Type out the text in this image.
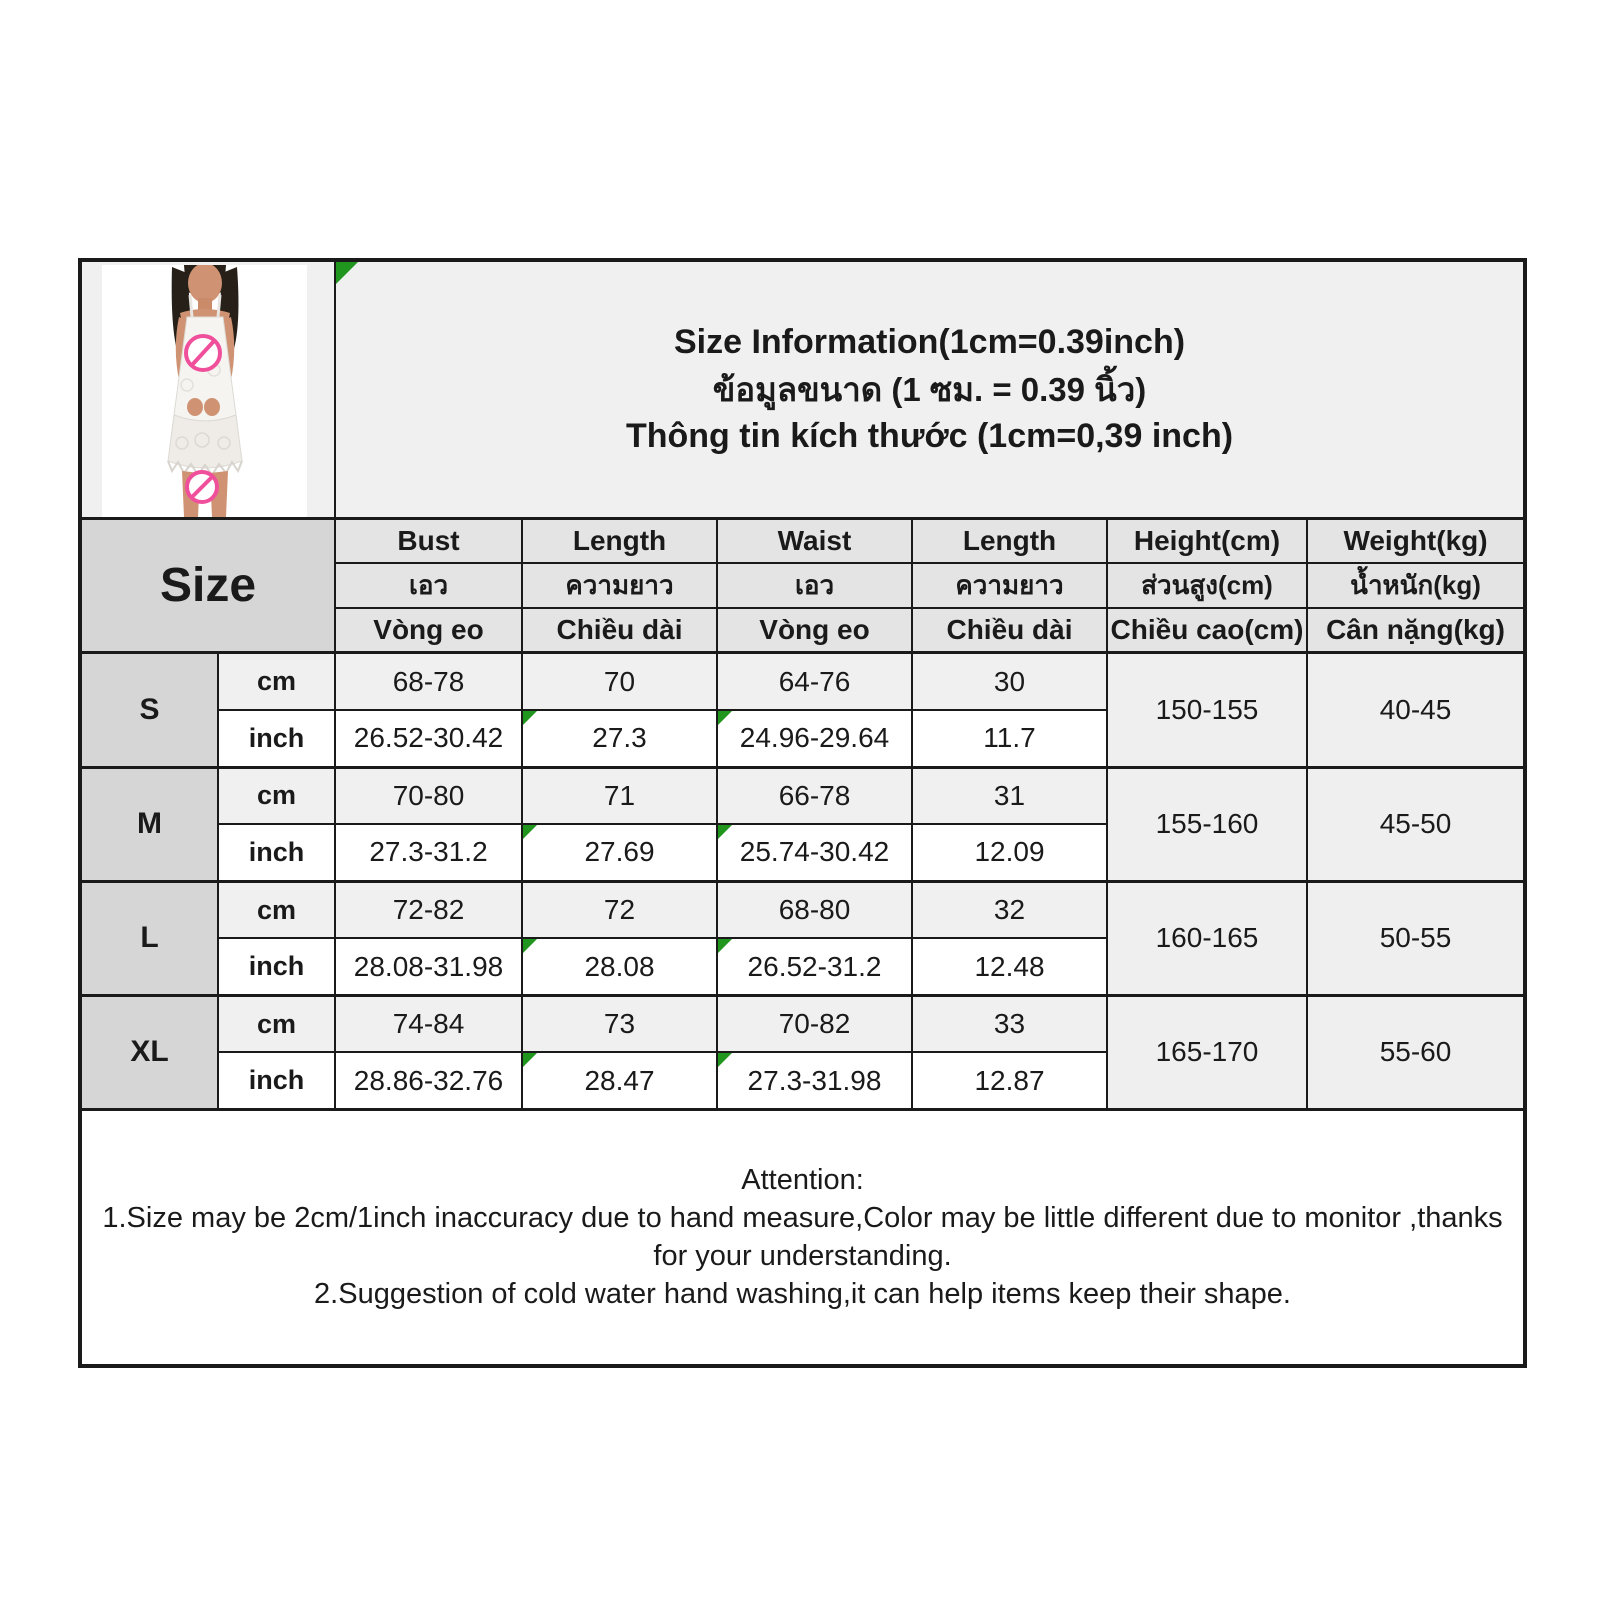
Size Information(1cm=0.39inch)
ข้อมูลขนาด (1 ซม. = 0.39 นิ้ว)
Thông tin kích thước (1cm=0,39 inch)					

Size		Bust	Length	Waist	Length	Height(cm)	Weight(kg)
		เอว	ความยาว	เอว	ความยาว	ส่วนสูง(cm)	น้ำหนัก(kg)
		Vòng eo	Chiều dài	Vòng eo	Chiều dài	Chiều cao(cm)	Cân nặng(kg)
S	cm	68-78	70	64-76	30	150-155	40-45
	inch	26.52-30.42	27.3	24.96-29.64	11.7		
M	cm	70-80	71	66-78	31	155-160	45-50
	inch	27.3-31.2	27.69	25.74-30.42	12.09		
L	cm	72-82	72	68-80	32	160-165	50-55
	inch	28.08-31.98	28.08	26.52-31.2	12.48		
XL	cm	74-84	73	70-82	33	165-170	55-60
	inch	28.86-32.76	28.47	27.3-31.98	12.87		

Attention:
1.Size may be 2cm/1inch inaccuracy due to hand measure,Color may be little different due to monitor ,thanks for your understanding.
2.Suggestion of cold water hand washing,it can help items keep their shape.							
